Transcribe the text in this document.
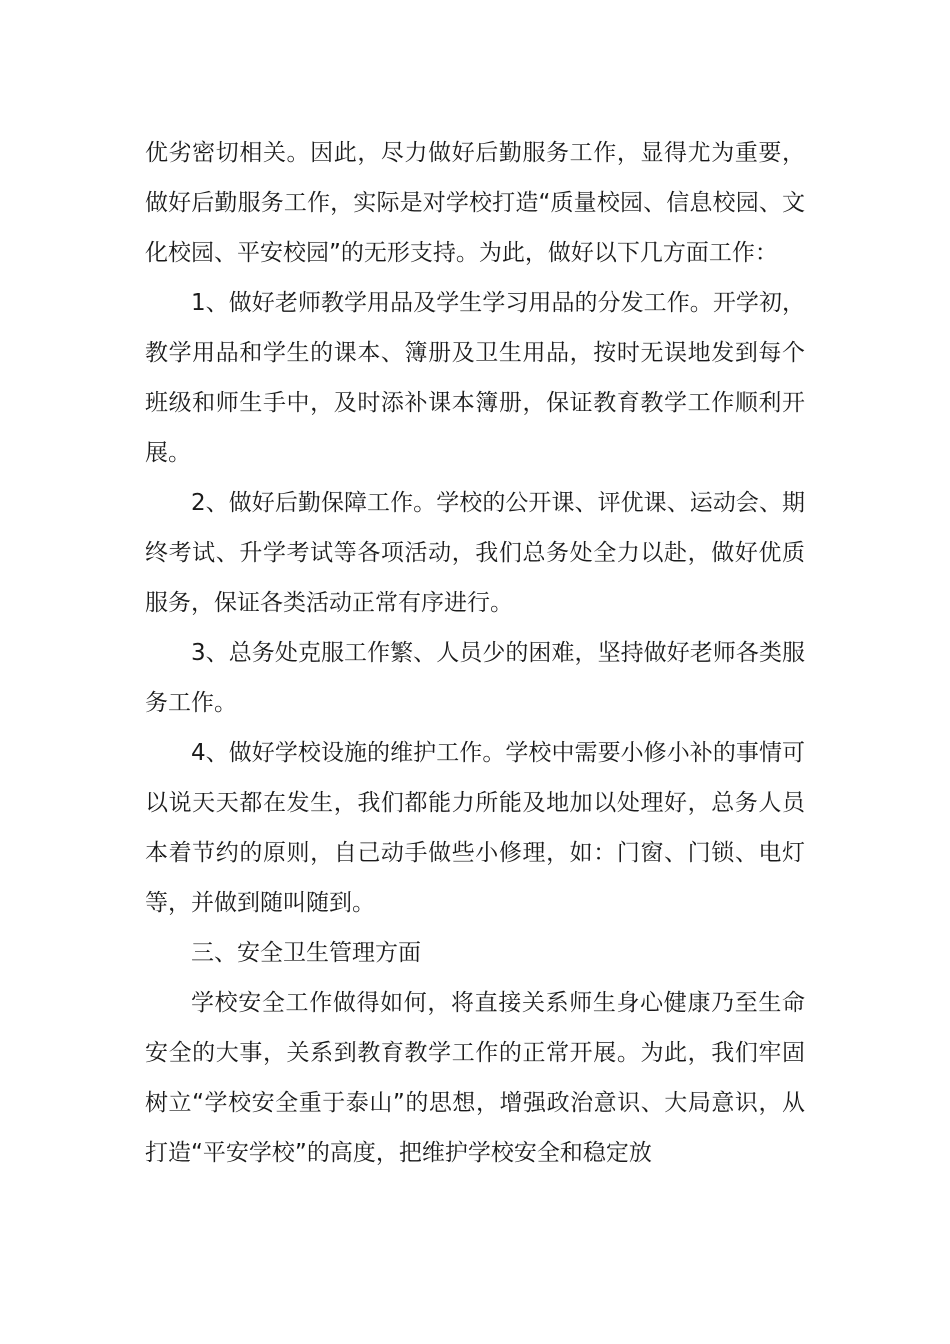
优劣密切相关。因此，尽力做好后勤服务工作，显得尤为重要，做好后勤服务工作，实际是对学校打造“质量校园、信息校园、文化校园、平安校园”的无形支持。为此，做好以下几方面工作：

1、做好老师教学用品及学生学习用品的分发工作。开学初，教学用品和学生的课本、簿册及卫生用品，按时无误地发到每个班级和师生手中，及时添补课本簿册，保证教育教学工作顺利开展。

2、做好后勤保障工作。学校的公开课、评优课、运动会、期终考试、升学考试等各项活动，我们总务处全力以赴，做好优质服务，保证各类活动正常有序进行。

3、总务处克服工作繁、人员少的困难，坚持做好老师各类服务工作。

4、做好学校设施的维护工作。学校中需要小修小补的事情可以说天天都在发生，我们都能力所能及地加以处理好，总务人员本着节约的原则，自己动手做些小修理，如：门窗、门锁、电灯等，并做到随叫随到。

三、安全卫生管理方面

学校安全工作做得如何，将直接关系师生身心健康乃至生命安全的大事，关系到教育教学工作的正常开展。为此，我们牢固树立“学校安全重于泰山”的思想，增强政治意识、大局意识，从打造“平安学校”的高度，把维护学校安全和稳定放
